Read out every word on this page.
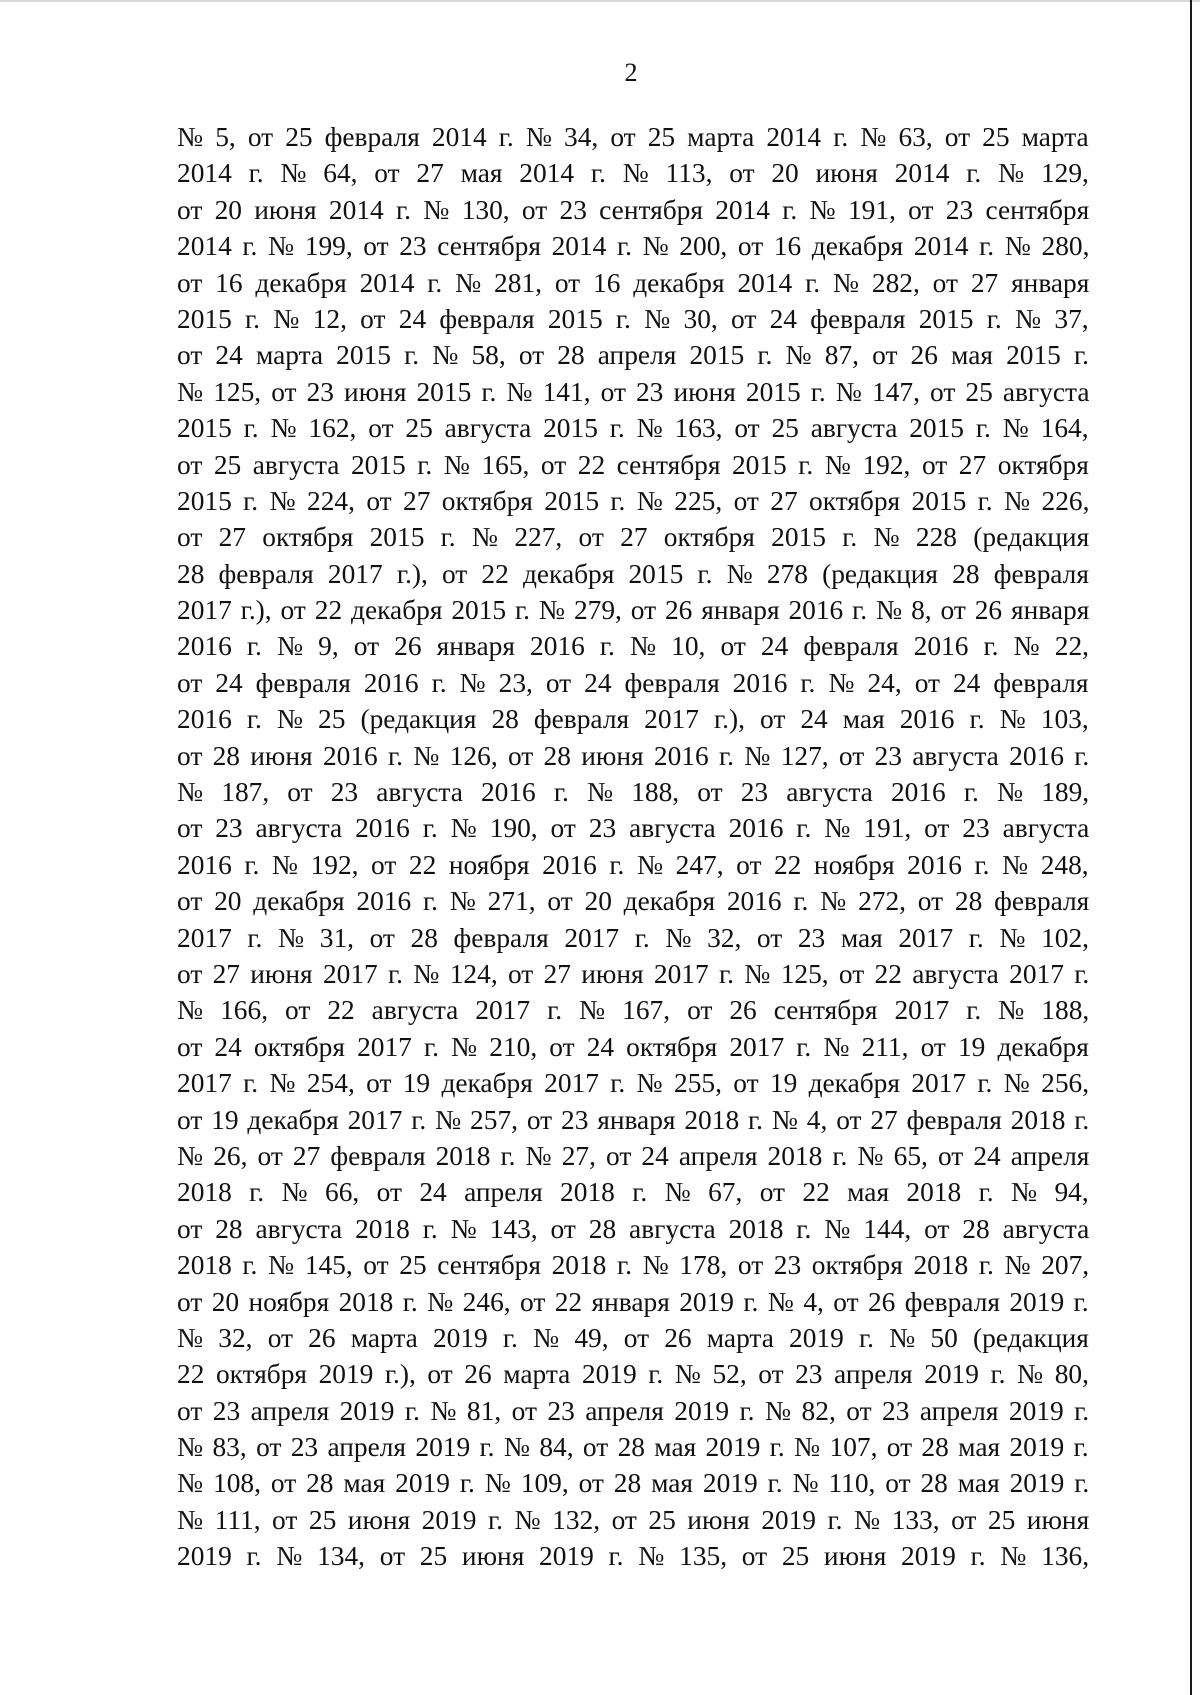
2
№ 5, от 25 февраля 2014 г. № 34, от 25 марта 2014 г. № 63, от 25 марта
2014 г. № 64, от 27 мая 2014 г. № 113, от 20 июня 2014 г. № 129,
от 20 июня 2014 г. № 130, от 23 сентября 2014 г. № 191, от 23 сентября
2014 г. № 199, от 23 сентября 2014 г. № 200, от 16 декабря 2014 г. № 280,
от 16 декабря 2014 г. № 281, от 16 декабря 2014 г. № 282, от 27 января
2015 г. № 12, от 24 февраля 2015 г. № 30, от 24 февраля 2015 г. № 37,
от 24 марта 2015 г. № 58, от 28 апреля 2015 г. № 87, от 26 мая 2015 г.
№ 125, от 23 июня 2015 г. № 141, от 23 июня 2015 г. № 147, от 25 августа
2015 г. № 162, от 25 августа 2015 г. № 163, от 25 августа 2015 г. № 164,
от 25 августа 2015 г. № 165, от 22 сентября 2015 г. № 192, от 27 октября
2015 г. № 224, от 27 октября 2015 г. № 225, от 27 октября 2015 г. № 226,
от 27 октября 2015 г. № 227, от 27 октября 2015 г. № 228 (редакция
28 февраля 2017 г.), от 22 декабря 2015 г. № 278 (редакция 28 февраля
2017 г.), от 22 декабря 2015 г. № 279, от 26 января 2016 г. № 8, от 26 января
2016 г. № 9, от 26 января 2016 г. № 10, от 24 февраля 2016 г. № 22,
от 24 февраля 2016 г. № 23, от 24 февраля 2016 г. № 24, от 24 февраля
2016 г. № 25 (редакция 28 февраля 2017 г.), от 24 мая 2016 г. № 103,
от 28 июня 2016 г. № 126, от 28 июня 2016 г. № 127, от 23 августа 2016 г.
№ 187, от 23 августа 2016 г. № 188, от 23 августа 2016 г. № 189,
от 23 августа 2016 г. № 190, от 23 августа 2016 г. № 191, от 23 августа
2016 г. № 192, от 22 ноября 2016 г. № 247, от 22 ноября 2016 г. № 248,
от 20 декабря 2016 г. № 271, от 20 декабря 2016 г. № 272, от 28 февраля
2017 г. № 31, от 28 февраля 2017 г. № 32, от 23 мая 2017 г. № 102,
от 27 июня 2017 г. № 124, от 27 июня 2017 г. № 125, от 22 августа 2017 г.
№ 166, от 22 августа 2017 г. № 167, от 26 сентября 2017 г. № 188,
от 24 октября 2017 г. № 210, от 24 октября 2017 г. № 211, от 19 декабря
2017 г. № 254, от 19 декабря 2017 г. № 255, от 19 декабря 2017 г. № 256,
от 19 декабря 2017 г. № 257, от 23 января 2018 г. № 4, от 27 февраля 2018 г.
№ 26, от 27 февраля 2018 г. № 27, от 24 апреля 2018 г. № 65, от 24 апреля
2018 г. № 66, от 24 апреля 2018 г. № 67, от 22 мая 2018 г. № 94,
от 28 августа 2018 г. № 143, от 28 августа 2018 г. № 144, от 28 августа
2018 г. № 145, от 25 сентября 2018 г. № 178, от 23 октября 2018 г. № 207,
от 20 ноября 2018 г. № 246, от 22 января 2019 г. № 4, от 26 февраля 2019 г.
№ 32, от 26 марта 2019 г. № 49, от 26 марта 2019 г. № 50 (редакция
22 октября 2019 г.), от 26 марта 2019 г. № 52, от 23 апреля 2019 г. № 80,
от 23 апреля 2019 г. № 81, от 23 апреля 2019 г. № 82, от 23 апреля 2019 г.
№ 83, от 23 апреля 2019 г. № 84, от 28 мая 2019 г. № 107, от 28 мая 2019 г.
№ 108, от 28 мая 2019 г. № 109, от 28 мая 2019 г. № 110, от 28 мая 2019 г.
№ 111, от 25 июня 2019 г. № 132, от 25 июня 2019 г. № 133, от 25 июня
2019 г. № 134, от 25 июня 2019 г. № 135, от 25 июня 2019 г. № 136,
